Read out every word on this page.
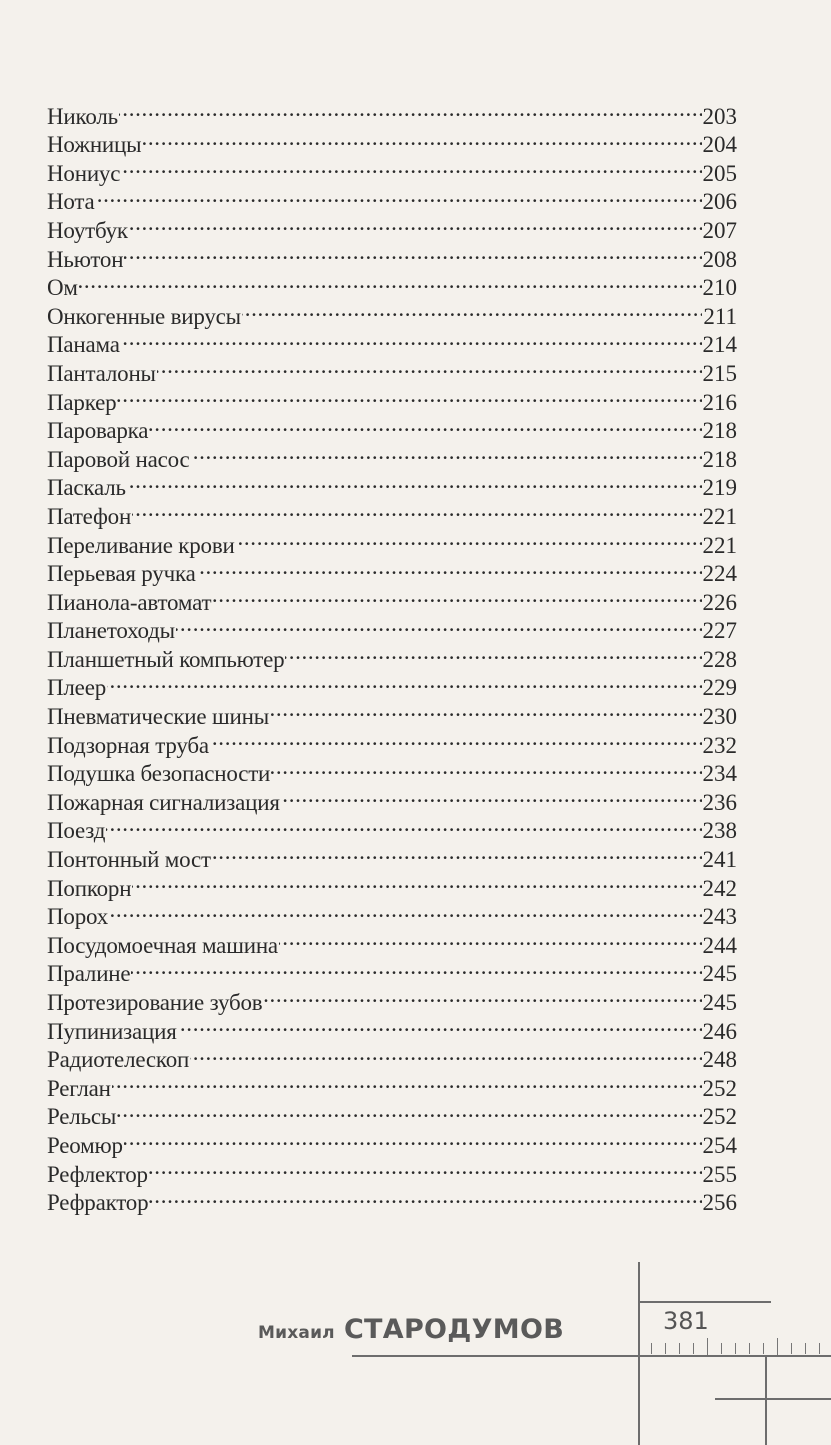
Николь . . .	203
Ножницы . . .	204
Нониус . . .	205
Нота . . .	206
Ноутбук . . .	207
Ньютон . . .	208
Ом . . .	210
Онкогенные вирусы . . .	211
Панама . . .	214
Панталоны . . .	215
Паркер . . .	216
Пароварка . . .	218
Паровой насос . . .	218
Паскаль . . .	219
Патефон . . .	221
Переливание крови . . .	221
Перьевая ручка . . .	224
Пианола-автомат . . .	226
Планетоходы . . .	227
Планшетный компьютер . . .	228
Плеер . . .	229
Пневматические шины . . .	230
Подзорная труба . . .	232
Подушка безопасности . . .	234
Пожарная сигнализация . . .	236
Поезд . . .	238
Понтонный мост . . .	241
Попкорн . . .	242
Порох . . .	243
Посудомоечная машина . . .	244
Пралине . . .	245
Протезирование зубов . . .	245
Пупинизация . . .	246
Радиотелескоп . . .	248
Реглан . . .	252
Рельсы . . .	252
Реомюр . . .	254
Рефлектор . . .	255
Рефрактор . . .	256
Михаил СТАРОДУМОВ	381
